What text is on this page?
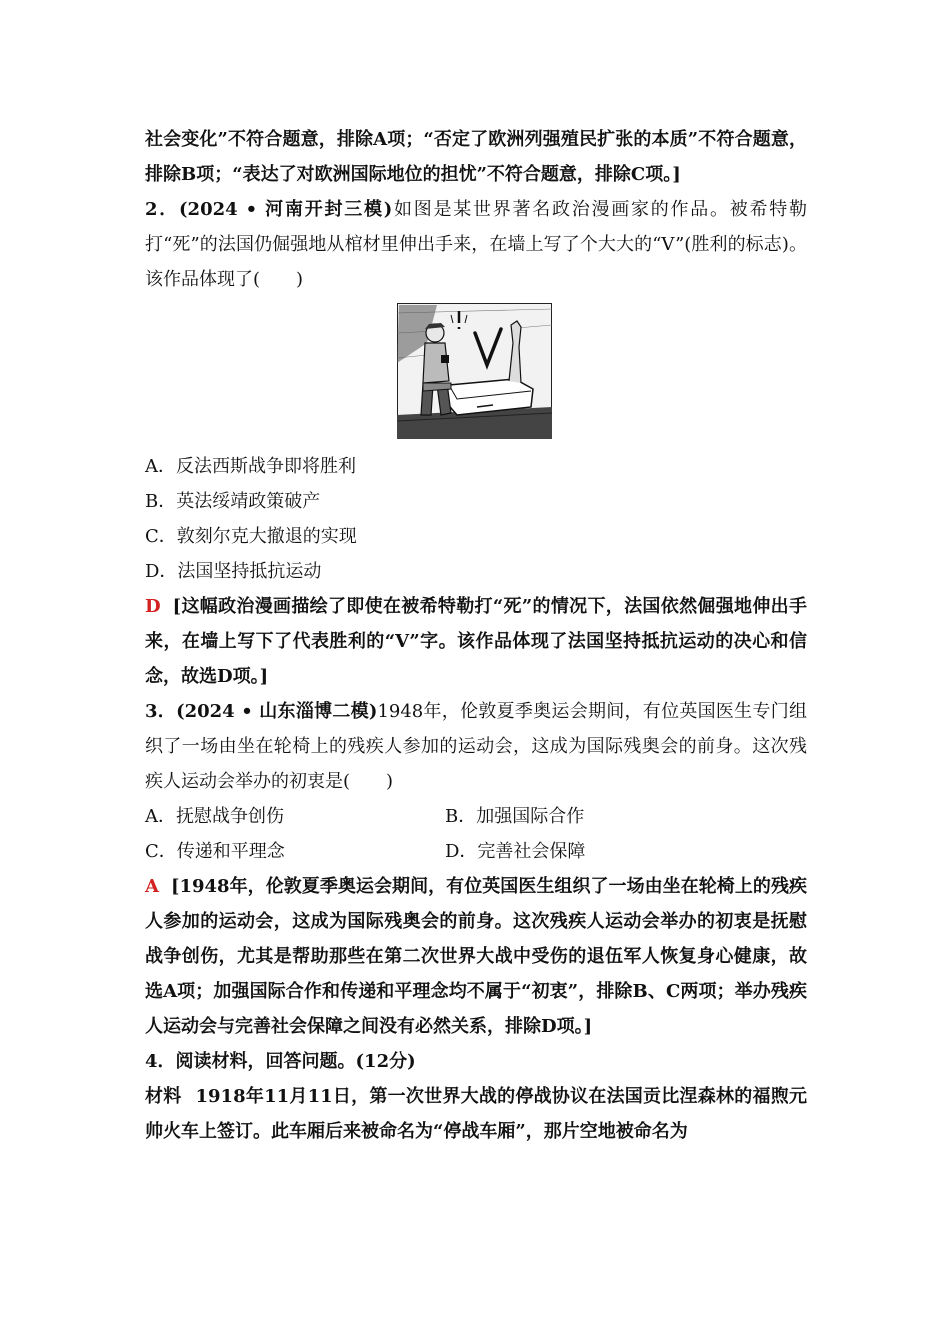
社会变化”不符合题意，排除A项；“否定了欧洲列强殖民扩张的本质”不符合题意，排除B项；“表达了对欧洲国际地位的担忧”不符合题意，排除C项。]

2．(2024 • 河南开封三模)如图是某世界著名政治漫画家的作品。被希特勒打“死”的法国仍倔强地从棺材里伸出手来，在墙上写了个大大的“V”(胜利的标志)。该作品体现了(　　)

A．反法西斯战争即将胜利

B．英法绥靖政策破产

C．敦刻尔克大撤退的实现

D．法国坚持抵抗运动

D [这幅政治漫画描绘了即使在被希特勒打“死”的情况下，法国依然倔强地伸出手来，在墙上写下了代表胜利的“V”字。该作品体现了法国坚持抵抗运动的决心和信念，故选D项。]

3．(2024 • 山东淄博二模)1948年，伦敦夏季奥运会期间，有位英国医生专门组织了一场由坐在轮椅上的残疾人参加的运动会，这成为国际残奥会的前身。这次残疾人运动会举办的初衷是(　　)

A．抚慰战争创伤	B．加强国际合作
C．传递和平理念	D．完善社会保障

A [1948年，伦敦夏季奥运会期间，有位英国医生组织了一场由坐在轮椅上的残疾人参加的运动会，这成为国际残奥会的前身。这次残疾人运动会举办的初衷是抚慰战争创伤，尤其是帮助那些在第二次世界大战中受伤的退伍军人恢复身心健康，故选A项；加强国际合作和传递和平理念均不属于“初衷”，排除B、C两项；举办残疾人运动会与完善社会保障之间没有必然关系，排除D项。]

4．阅读材料，回答问题。(12分)

材料 1918年11月11日，第一次世界大战的停战协议在法国贡比涅森林的福煦元帅火车上签订。此车厢后来被命名为“停战车厢”，那片空地被命名为
